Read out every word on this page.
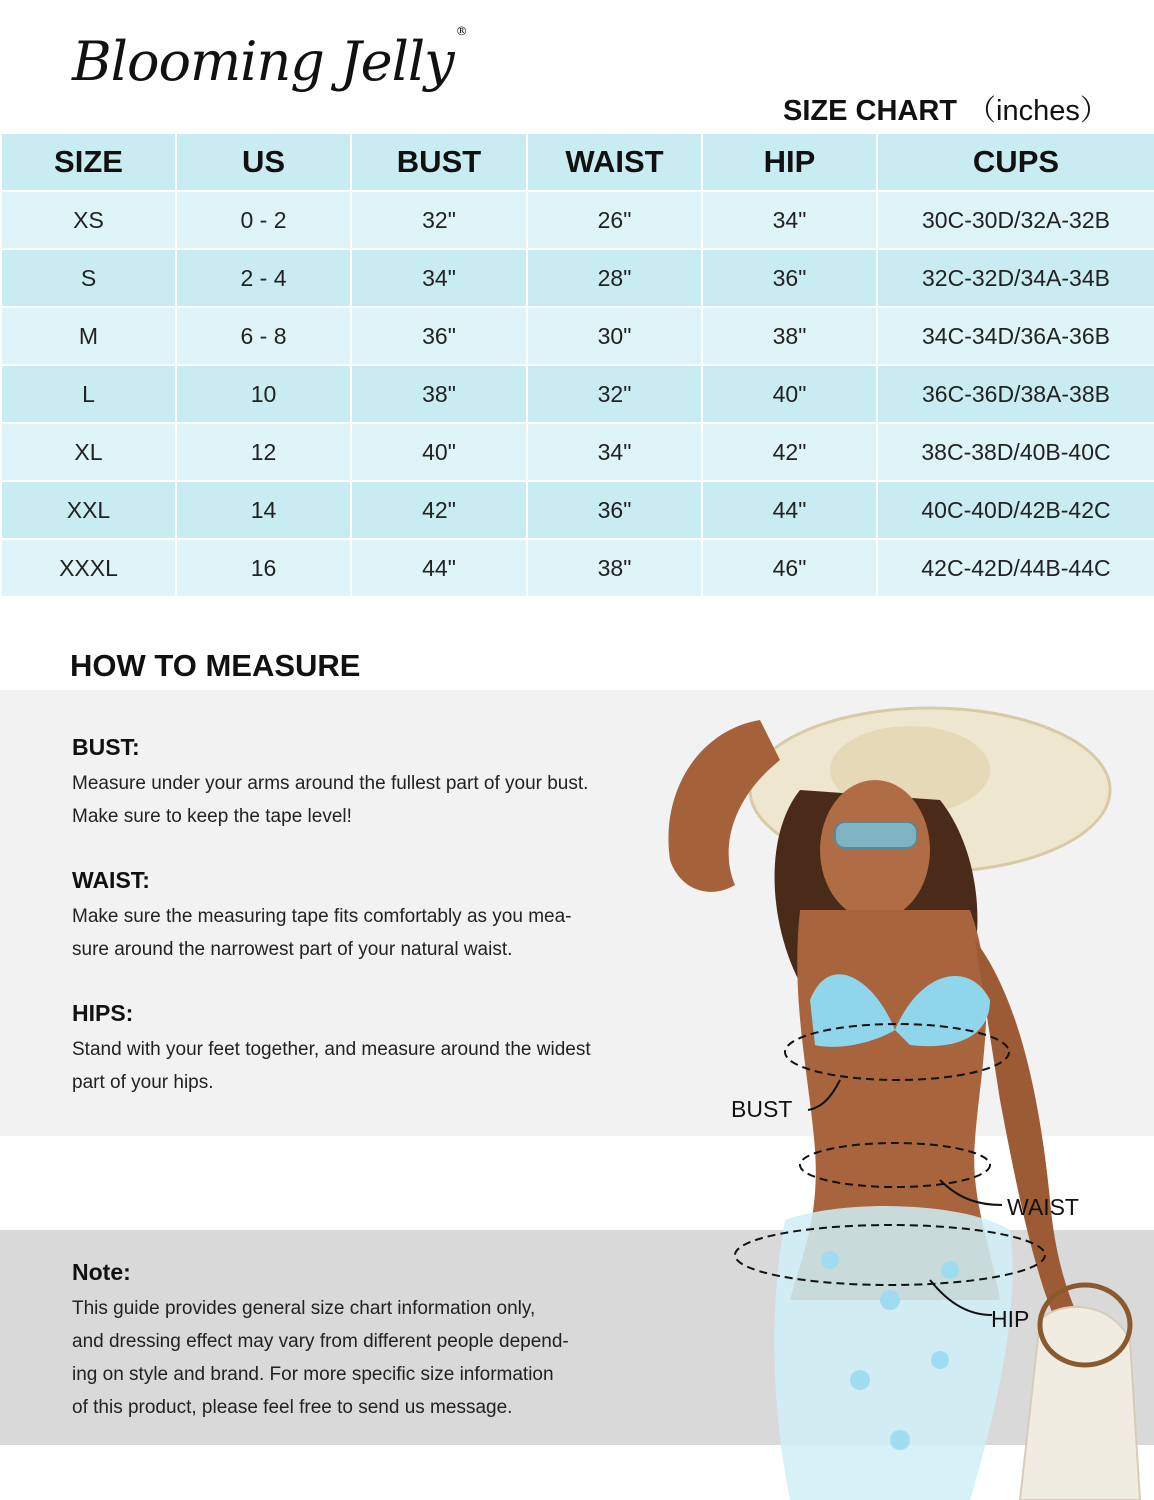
Blooming Jelly ®
SIZE CHART （inches）
SIZE	US	BUST	WAIST	HIP	CUPS
XS	0 - 2	32"	26"	34"	30C-30D/32A-32B
S	2 - 4	34"	28"	36"	32C-32D/34A-34B
M	6 - 8	36"	30"	38"	34C-34D/36A-36B
L	10	38"	32"	40"	36C-36D/38A-38B
XL	12	40"	34"	42"	38C-38D/40B-40C
XXL	14	42"	36"	44"	40C-40D/42B-42C
XXXL	16	44"	38"	46"	42C-42D/44B-44C
HOW TO MEASURE
BUST:
Measure under your arms around the fullest part of your bust.
Make sure to keep the tape level!
WAIST:
Make sure the measuring tape fits comfortably as you mea-
sure around the narrowest part of your natural waist.
HIPS:
Stand with your feet together, and measure around the widest
part of your hips.
Note:
This guide provides general size chart information only,
and dressing effect may vary from different people depend-
ing on style and brand. For more specific size information
of this product, please feel free to send us message.
BUST
WAIST
HIP
